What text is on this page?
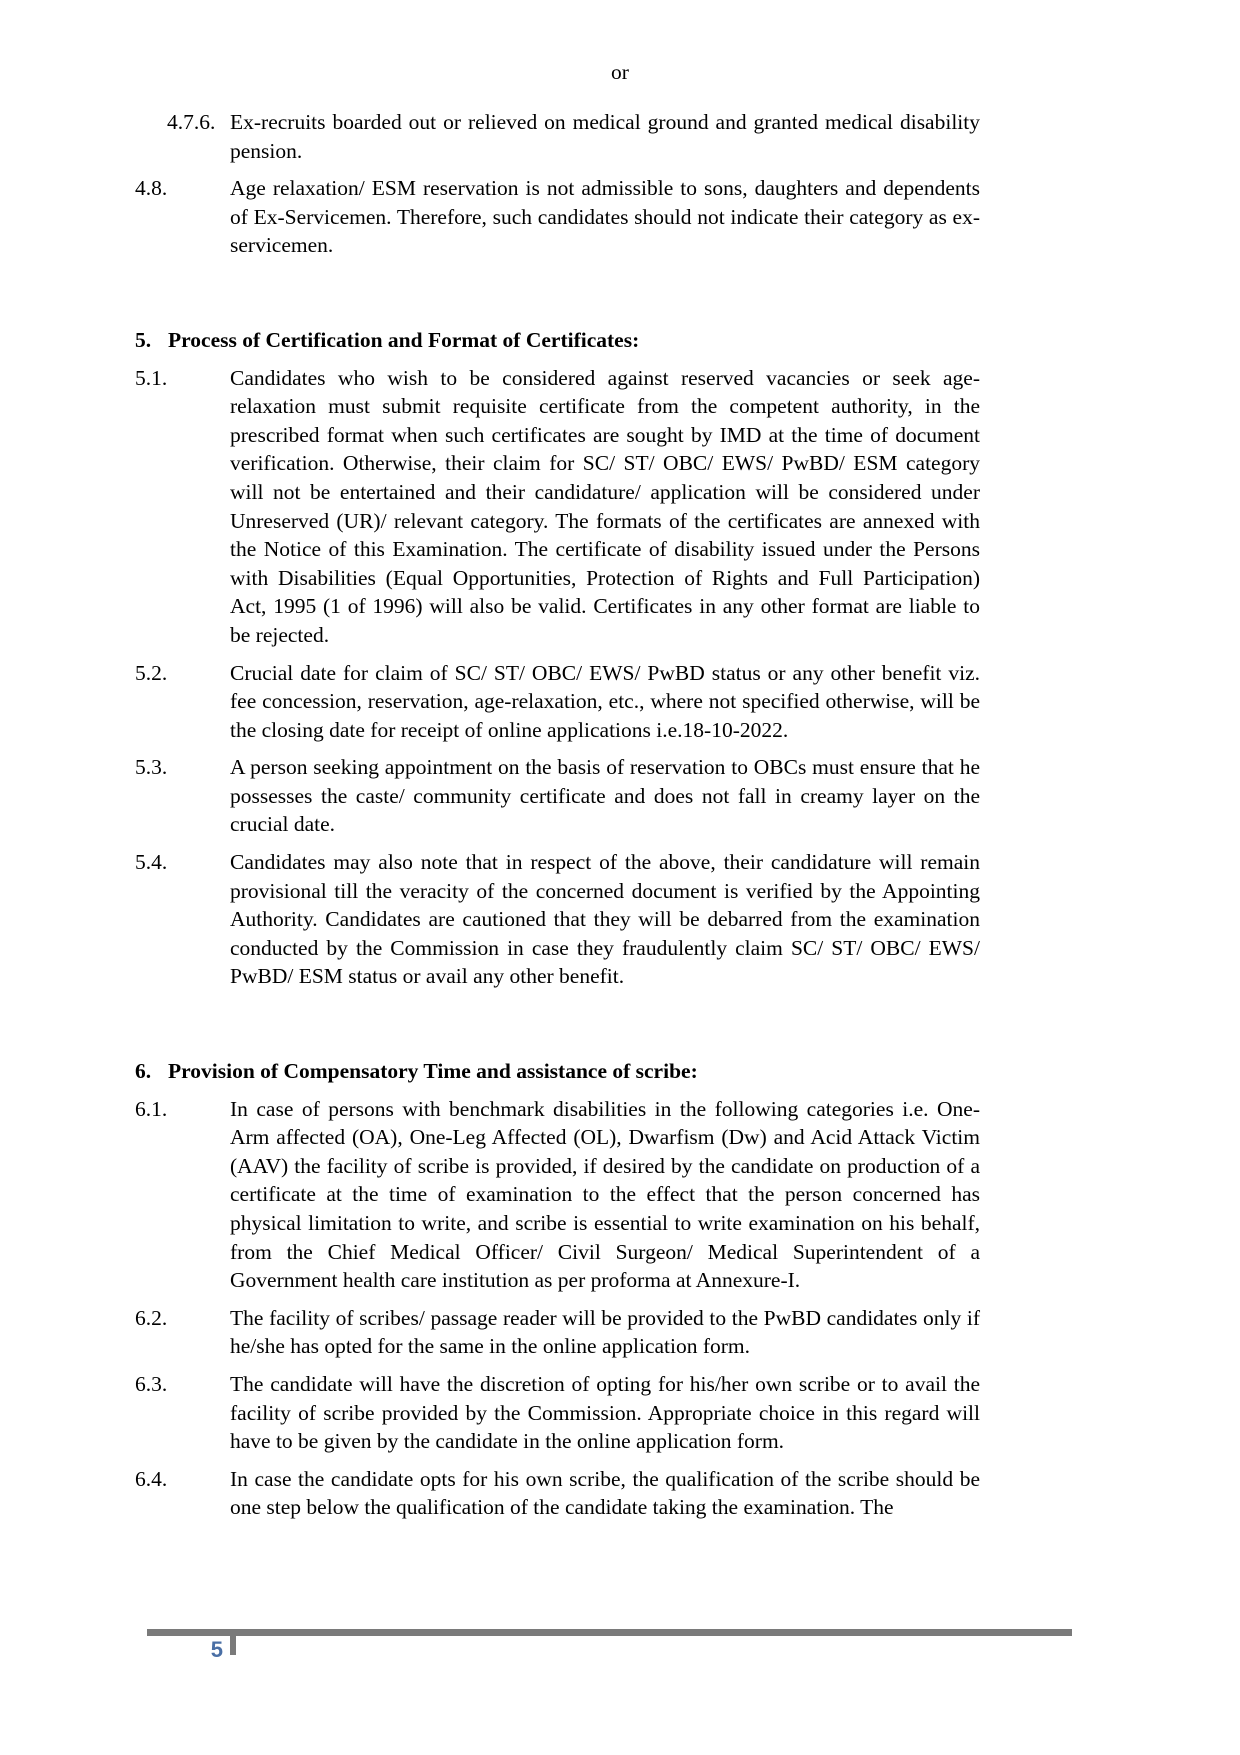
or
4.7.6. Ex-recruits boarded out or relieved on medical ground and granted medical disability pension.
4.8.	Age relaxation/ ESM reservation is not admissible to sons, daughters and dependents of Ex-Servicemen. Therefore, such candidates should not indicate their category as ex-servicemen.
5. Process of Certification and Format of Certificates:
5.1.	Candidates who wish to be considered against reserved vacancies or seek age-relaxation must submit requisite certificate from the competent authority, in the prescribed format when such certificates are sought by IMD at the time of document verification. Otherwise, their claim for SC/ ST/ OBC/ EWS/ PwBD/ ESM category will not be entertained and their candidature/ application will be considered under Unreserved (UR)/ relevant category. The formats of the certificates are annexed with the Notice of this Examination. The certificate of disability issued under the Persons with Disabilities (Equal Opportunities, Protection of Rights and Full Participation) Act, 1995 (1 of 1996) will also be valid. Certificates in any other format are liable to be rejected.
5.2.	Crucial date for claim of SC/ ST/ OBC/ EWS/ PwBD status or any other benefit viz. fee concession, reservation, age-relaxation, etc., where not specified otherwise, will be the closing date for receipt of online applications i.e.18-10-2022.
5.3.	A person seeking appointment on the basis of reservation to OBCs must ensure that he possesses the caste/ community certificate and does not fall in creamy layer on the crucial date.
5.4.	Candidates may also note that in respect of the above, their candidature will remain provisional till the veracity of the concerned document is verified by the Appointing Authority. Candidates are cautioned that they will be debarred from the examination conducted by the Commission in case they fraudulently claim SC/ ST/ OBC/ EWS/ PwBD/ ESM status or avail any other benefit.
6. Provision of Compensatory Time and assistance of scribe:
6.1.	In case of persons with benchmark disabilities in the following categories i.e. One-Arm affected (OA), One-Leg Affected (OL), Dwarfism (Dw) and Acid Attack Victim (AAV) the facility of scribe is provided, if desired by the candidate on production of a certificate at the time of examination to the effect that the person concerned has physical limitation to write, and scribe is essential to write examination on his behalf, from the Chief Medical Officer/ Civil Surgeon/ Medical Superintendent of a Government health care institution as per proforma at Annexure-I.
6.2.	The facility of scribes/ passage reader will be provided to the PwBD candidates only if he/she has opted for the same in the online application form.
6.3.	The candidate will have the discretion of opting for his/her own scribe or to avail the facility of scribe provided by the Commission. Appropriate choice in this regard will have to be given by the candidate in the online application form.
6.4.	In case the candidate opts for his own scribe, the qualification of the scribe should be one step below the qualification of the candidate taking the examination. The
5
